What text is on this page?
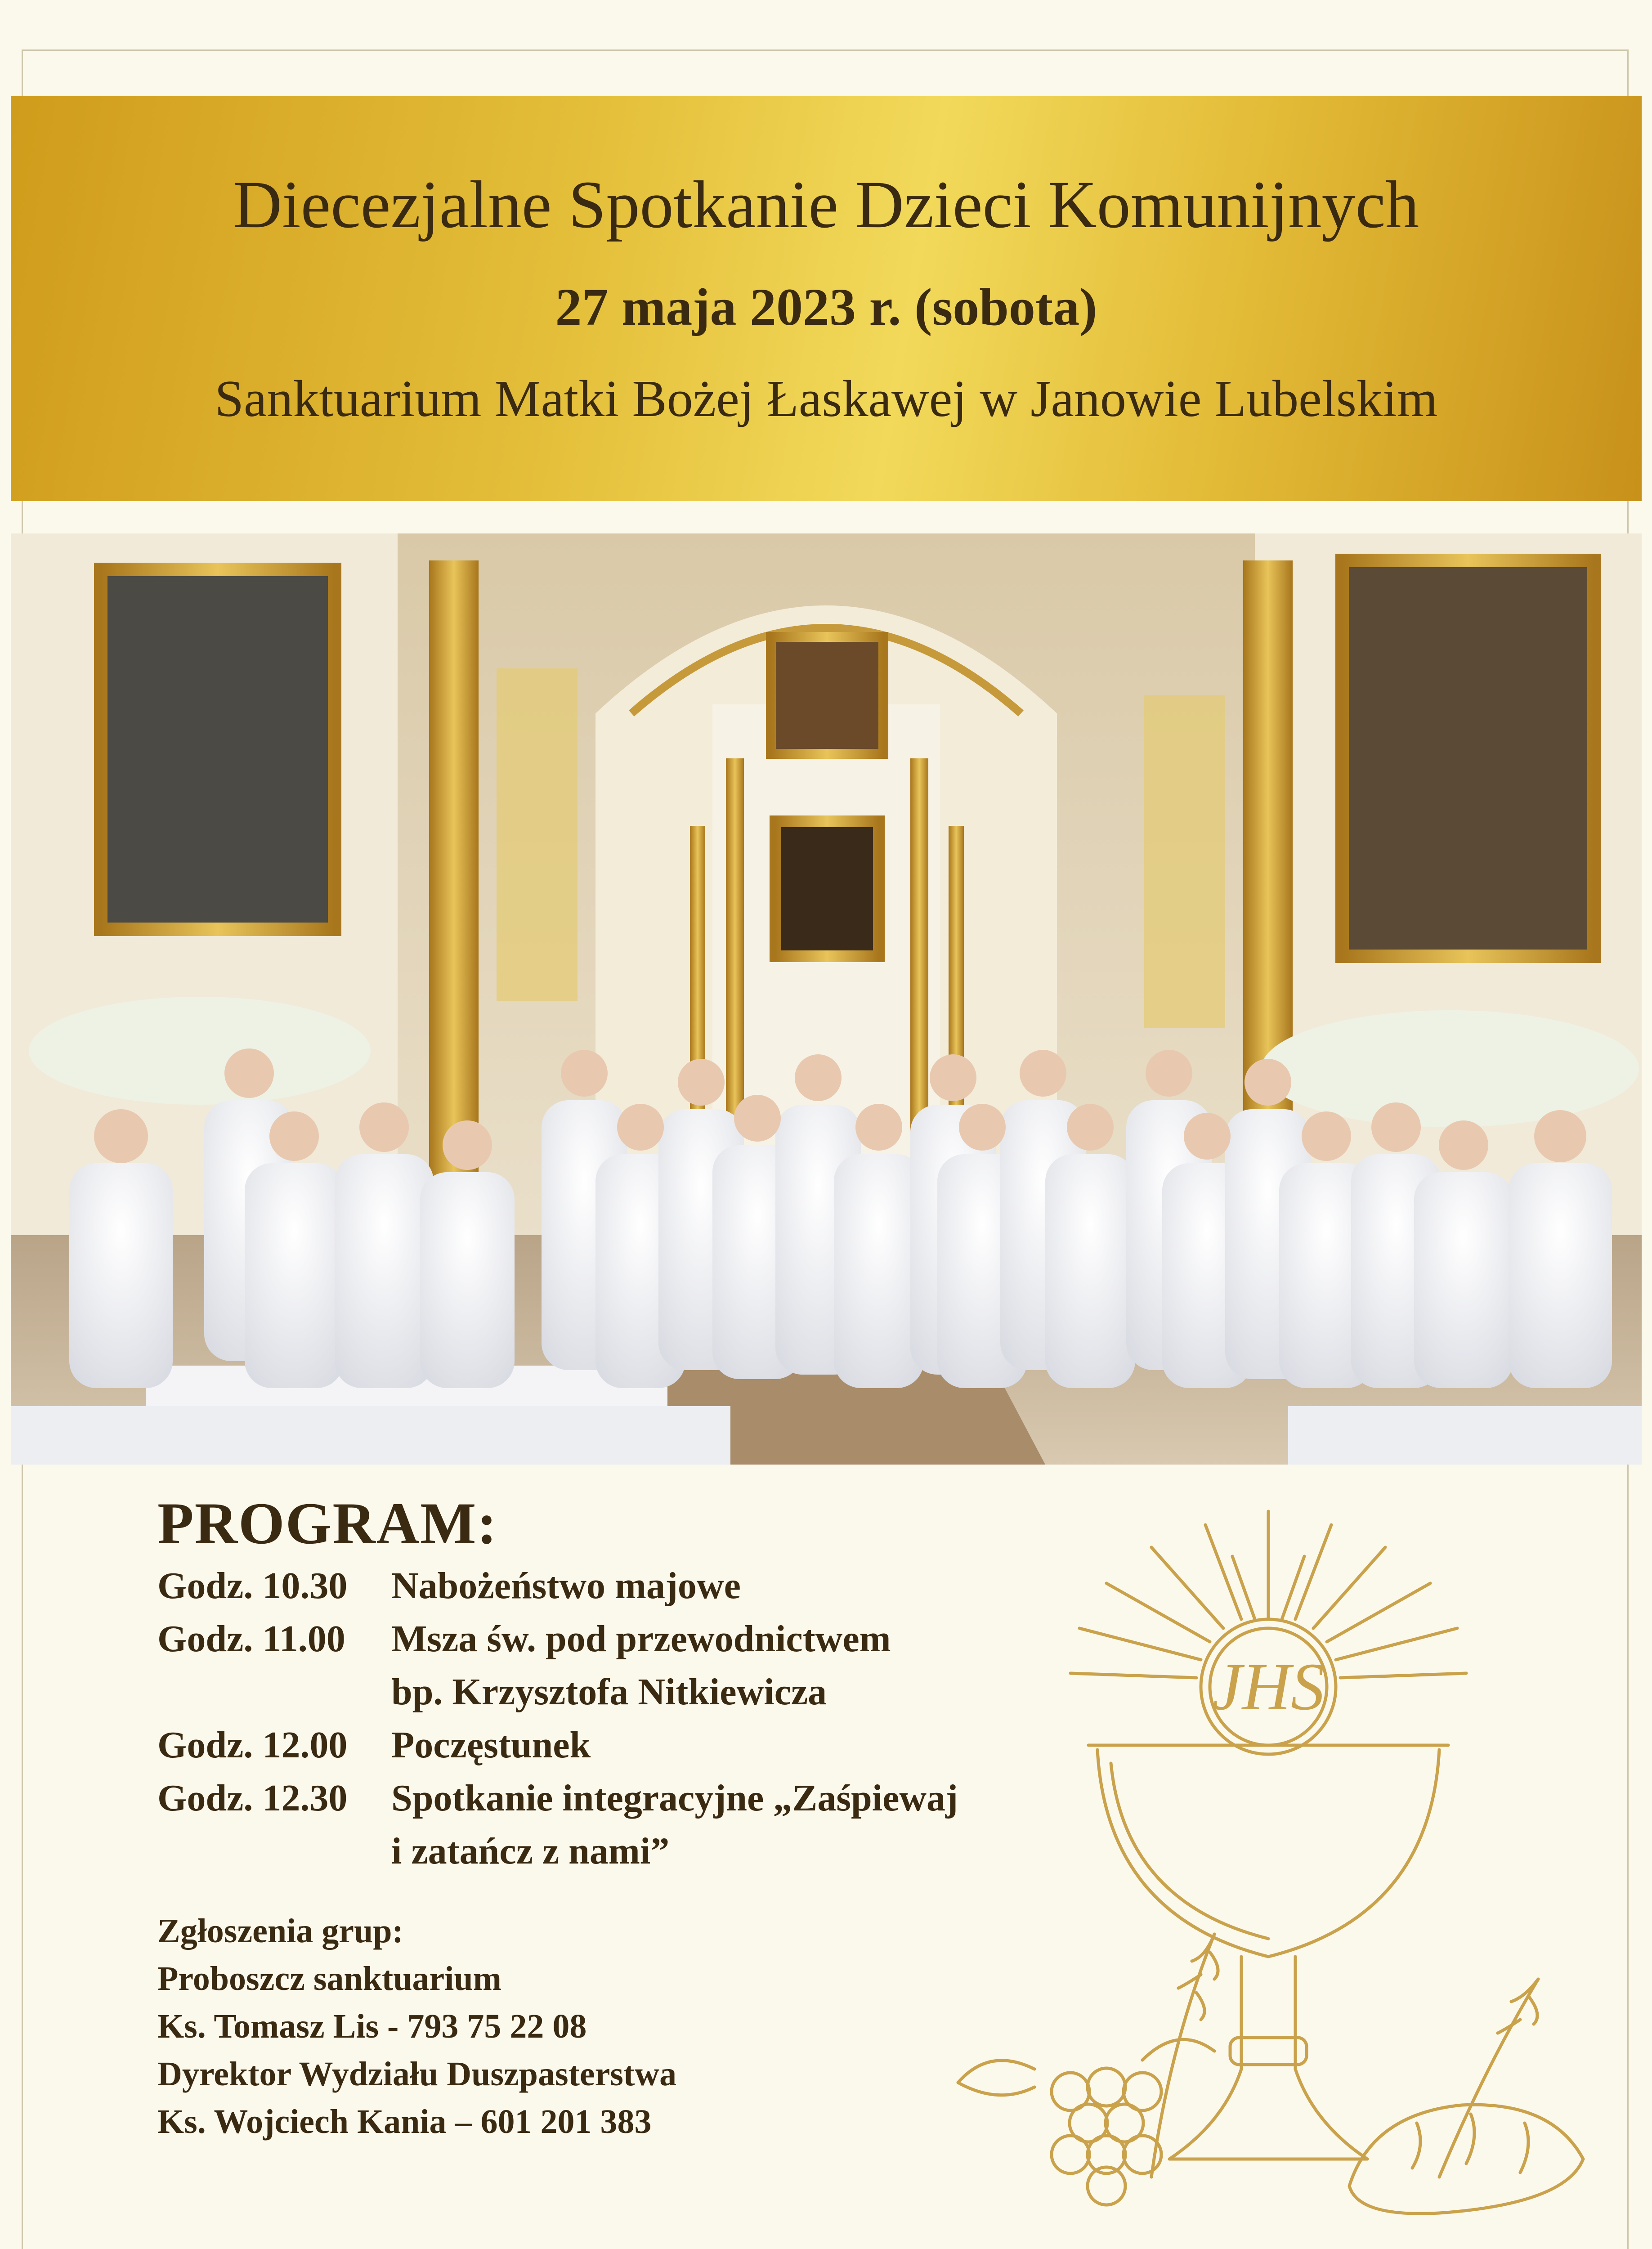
Diecezjalne Spotkanie Dzieci Komunijnych
27 maja 2023 r. (sobota)
Sanktuarium Matki Bożej Łaskawej w Janowie Lubelskim
PROGRAM:
Godz. 10.30	Nabożeństwo majowe
Godz. 11.00	Msza św. pod przewodnictwem
bp. Krzysztofa Nitkiewicza
Godz. 12.00	Poczęstunek
Godz. 12.30	Spotkanie integracyjne „Zaśpiewaj
i zatańcz z nami”
Zgłoszenia grup:
Proboszcz sanktuarium
Ks. Tomasz Lis - 793 75 22 08
Dyrektor Wydziału Duszpasterstwa
Ks. Wojciech Kania – 601 201 383
JHS
